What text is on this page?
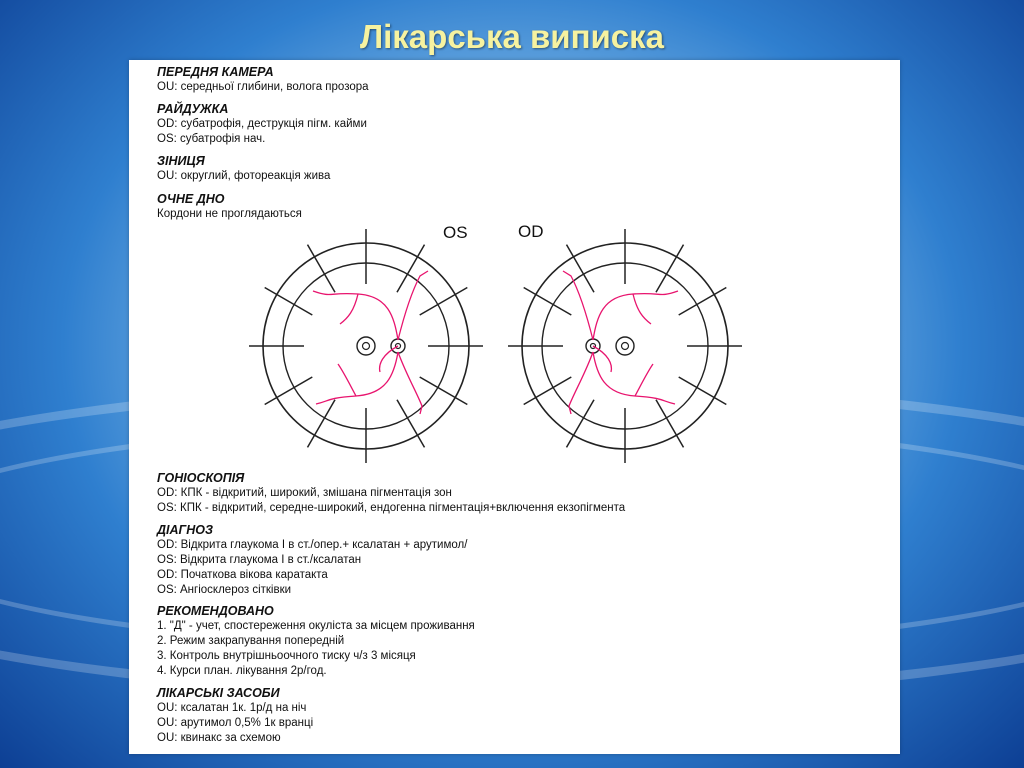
Лікарська виписка
ПЕРЕДНЯ КАМЕРА
OU: середньої глибини, волога прозора
РАЙДУЖКА
OD: субатрофія, деструкція пігм. кайми
OS: субатрофія нач.
ЗІНИЦЯ
OU: округлий, фотореакція жива
ОЧНЕ ДНО
Кордони не проглядаються
OS	OD
ГОНІОСКОПІЯ
OD: КПК - відкритий, широкий, змішана пігментація зон
OS: КПК - відкритий, середне-широкий, ендогенна пігментація+включення екзопігмента
ДІАГНОЗ
OD: Відкрита глаукома I в ст./опер.+ ксалатан + арутимол/
OS: Відкрита глаукома I в ст./ксалатан
OD: Початкова вікова каратакта
OS: Ангіосклероз сітківки
РЕКОМЕНДОВАНО
1. "Д" - учет, спостереження окуліста за місцем проживання
2. Режим закрапування попередній
3. Контроль внутрішньоочного тиску ч/з 3 місяця
4. Курси план. лікування 2р/год.
ЛІКАРСЬКІ ЗАСОБИ
OU: ксалатан 1к. 1р/д на ніч
OU: арутимол 0,5% 1к вранці
OU: квинакс за схемою
